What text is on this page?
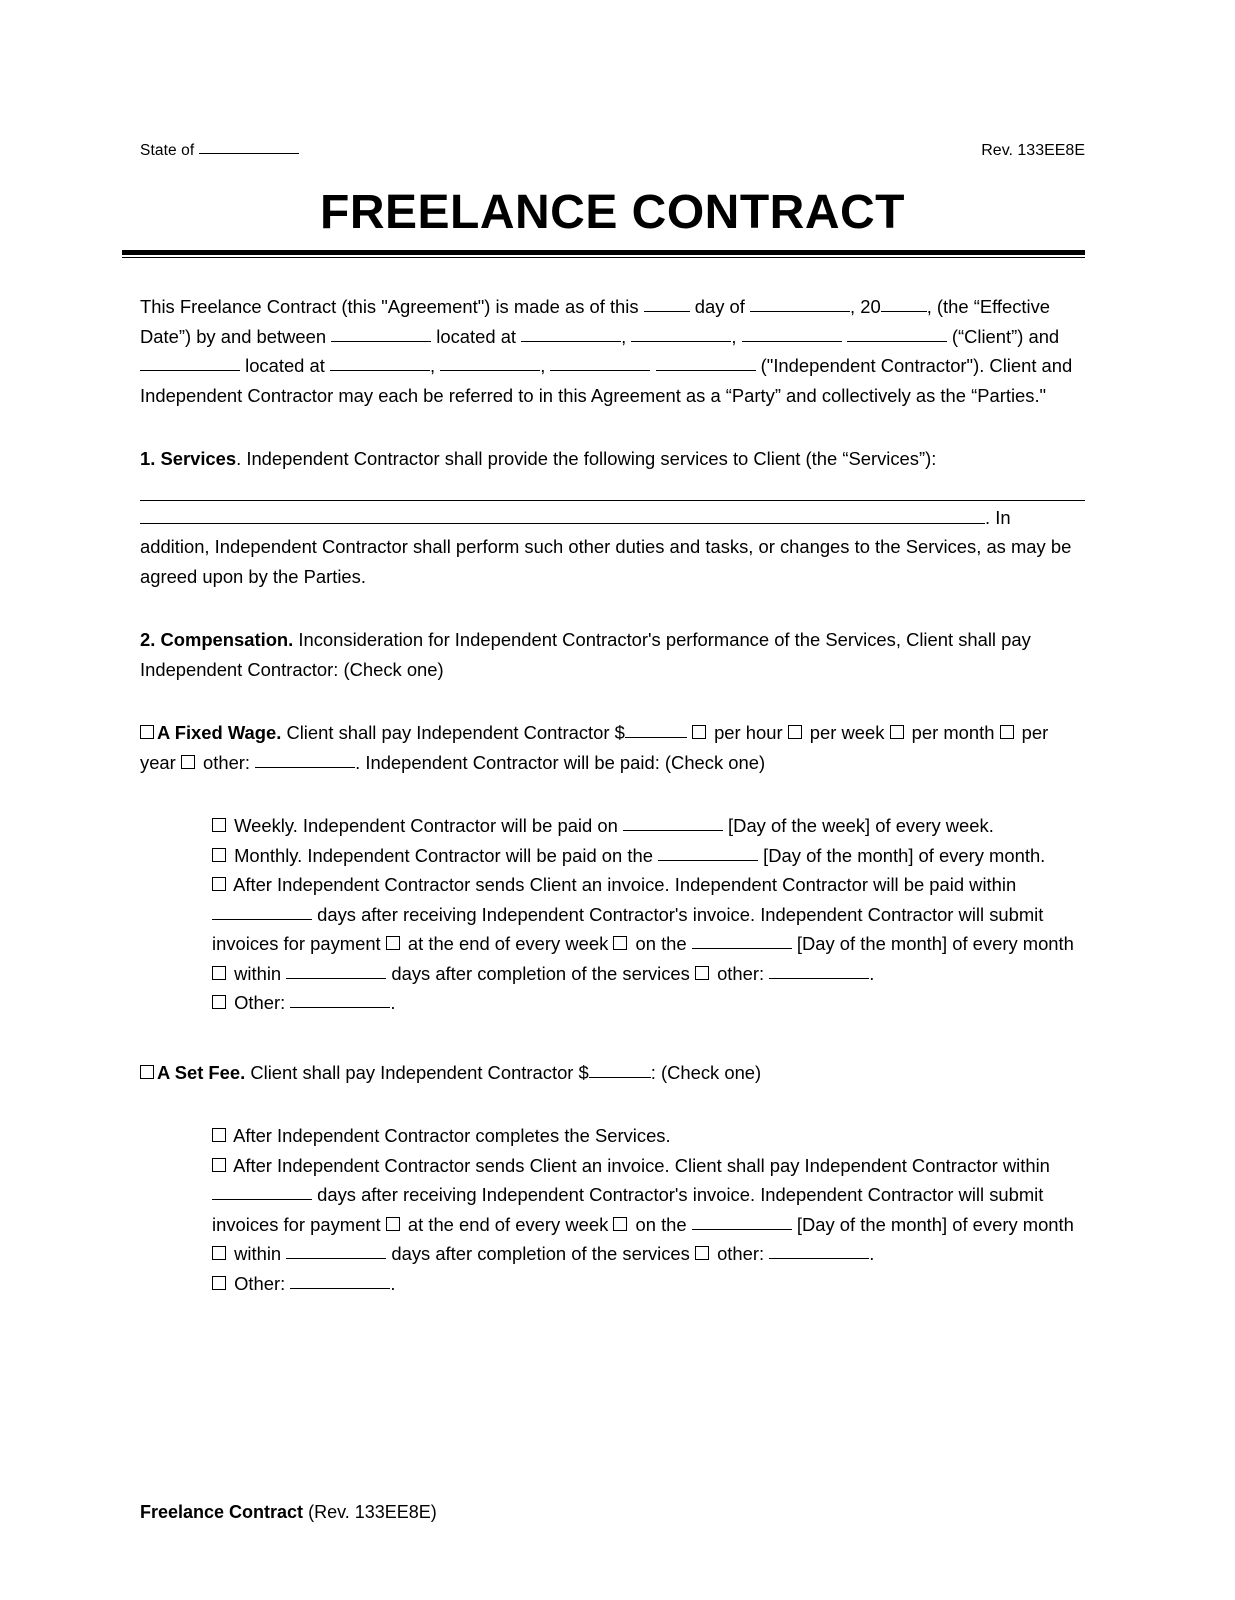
State of	Rev. 133EE8E
FREELANCE CONTRACT

This Freelance Contract (this "Agreement") is made as of this	day of	, 20	, (the “Effective Date”) by and between	located at	,	,	(“Client”) and  located at	,	,	("Independent Contractor"). Client and Independent Contractor may each be referred to in this Agreement as a “Party” and collectively as the “Parties."

1. Services. Independent Contractor shall provide the following services to Client (the “Services”):

. In addition, Independent Contractor shall perform such other duties and tasks, or changes to the Services, as may be agreed upon by the Parties.

2. Compensation. Inconsideration for Independent Contractor's performance of the Services, Client shall pay Independent Contractor: (Check one)

A Fixed Wage. Client shall pay Independent Contractor $	per hour  per week  per month  per year  other:	. Independent Contractor will be paid: (Check one)

Weekly. Independent Contractor will be paid on	[Day of the week] of every week.

Monthly. Independent Contractor will be paid on the	[Day of the month] of every month.

After Independent Contractor sends Client an invoice. Independent Contractor will be paid within  days after receiving Independent Contractor's invoice. Independent Contractor will submit invoices for payment  at the end of every week  on the	[Day of the month] of every month  within	days after completion of the services  other:	.

Other:	.

A Set Fee. Client shall pay Independent Contractor $	: (Check one)

After Independent Contractor completes the Services.

After Independent Contractor sends Client an invoice. Client shall pay Independent Contractor within  days after receiving Independent Contractor's invoice. Independent Contractor will submit invoices for payment  at the end of every week  on the	[Day of the month] of every month  within	days after completion of the services  other:	.

Other:	.

Freelance Contract (Rev. 133EE8E)
